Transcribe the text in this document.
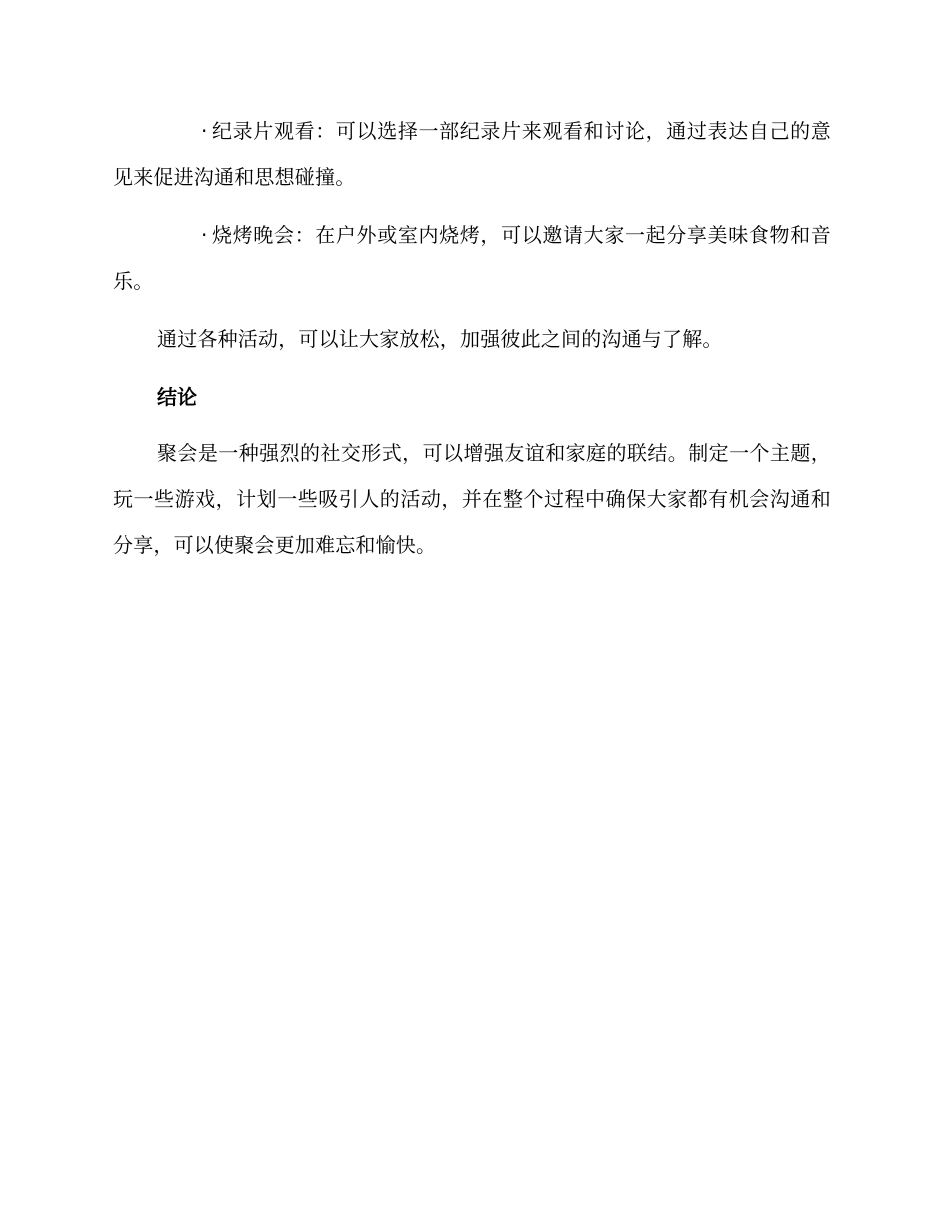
· 纪录片观看：可以选择一部纪录片来观看和讨论，通过表达自己的意见来促进沟通和思想碰撞。

· 烧烤晚会：在户外或室内烧烤，可以邀请大家一起分享美味食物和音乐。

通过各种活动，可以让大家放松，加强彼此之间的沟通与了解。

结论

聚会是一种强烈的社交形式，可以增强友谊和家庭的联结。制定一个主题，玩一些游戏，计划一些吸引人的活动，并在整个过程中确保大家都有机会沟通和分享，可以使聚会更加难忘和愉快。
